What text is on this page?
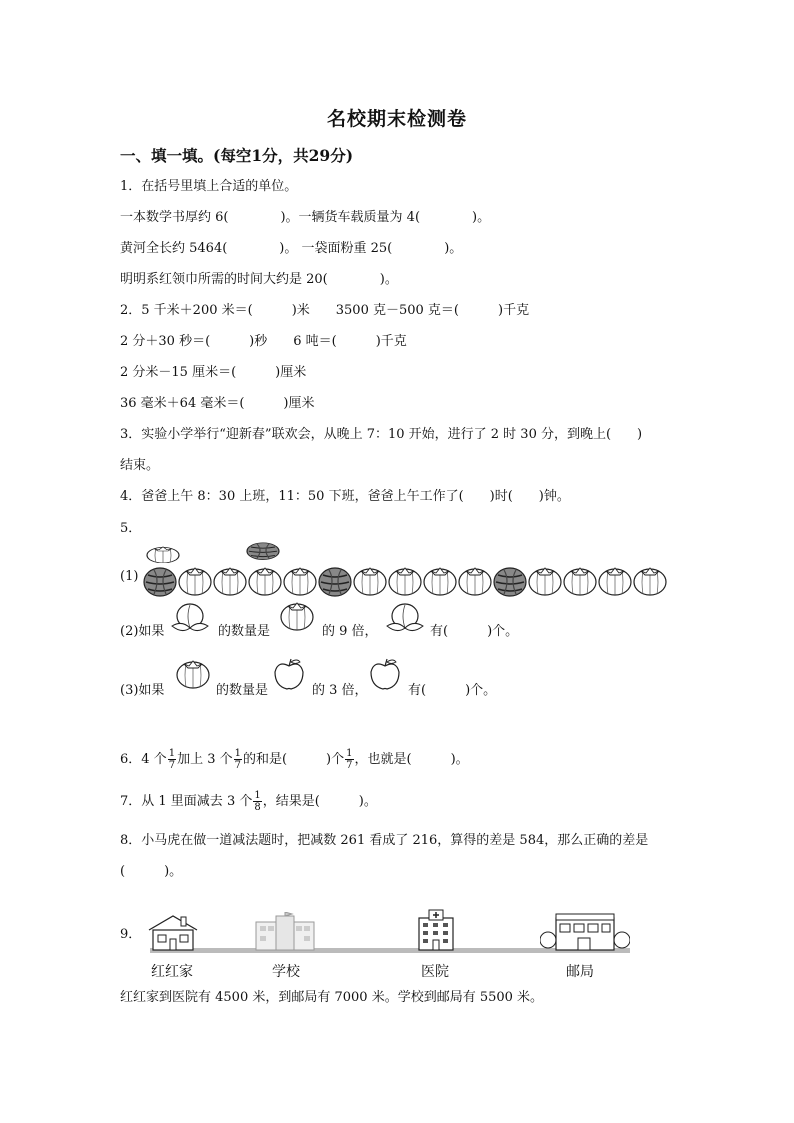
名校期末检测卷
一、填一填。(每空1分，共29分)
1．在括号里填上合适的单位。
一本数学书厚约 6(　　　　)。一辆货车载质量为 4(　　　　)。
黄河全长约 5464(　　　　)。 一袋面粉重 25(　　　　)。
明明系红领巾所需的时间大约是 20(　　　　)。
2．5 千米＋200 米＝(　　　)米　　3500 克－500 克＝(　　　)千克
2 分＋30 秒＝(　　　)秒　　6 吨＝(　　　)千克
2 分米－15 厘米＝(　　　)厘米
36 毫米＋64 毫米＝(　　　)厘米
3．实验小学举行“迎新春”联欢会，从晚上 7：10 开始，进行了 2 时 30 分，到晚上(　　)
结束。
4．爸爸上午 8：30 上班，11：50 下班，爸爸上午工作了(　　)时(　　)钟。
5．
(1)
(2)如果	的数量是	的 9 倍，	有(　　　)个。
(3)如果	的数量是	的 3 倍，	有(　　　)个。
6．4 个 $\frac{1}{7}$ 加上 3 个 $\frac{1}{7}$ 的和是(　　　)个 $\frac{1}{7}$ ，也就是(　　　)。
7．从 1 里面减去 3 个 $\frac{1}{8}$ ，结果是(　　　)。
8．小马虎在做一道减法题时，把减数 261 看成了 216，算得的差是 584，那么正确的差是
(　　　)。
9．
红红家	学校	医院	邮局
红红家到医院有 4500 米，到邮局有 7000 米。学校到邮局有 5500 米。
